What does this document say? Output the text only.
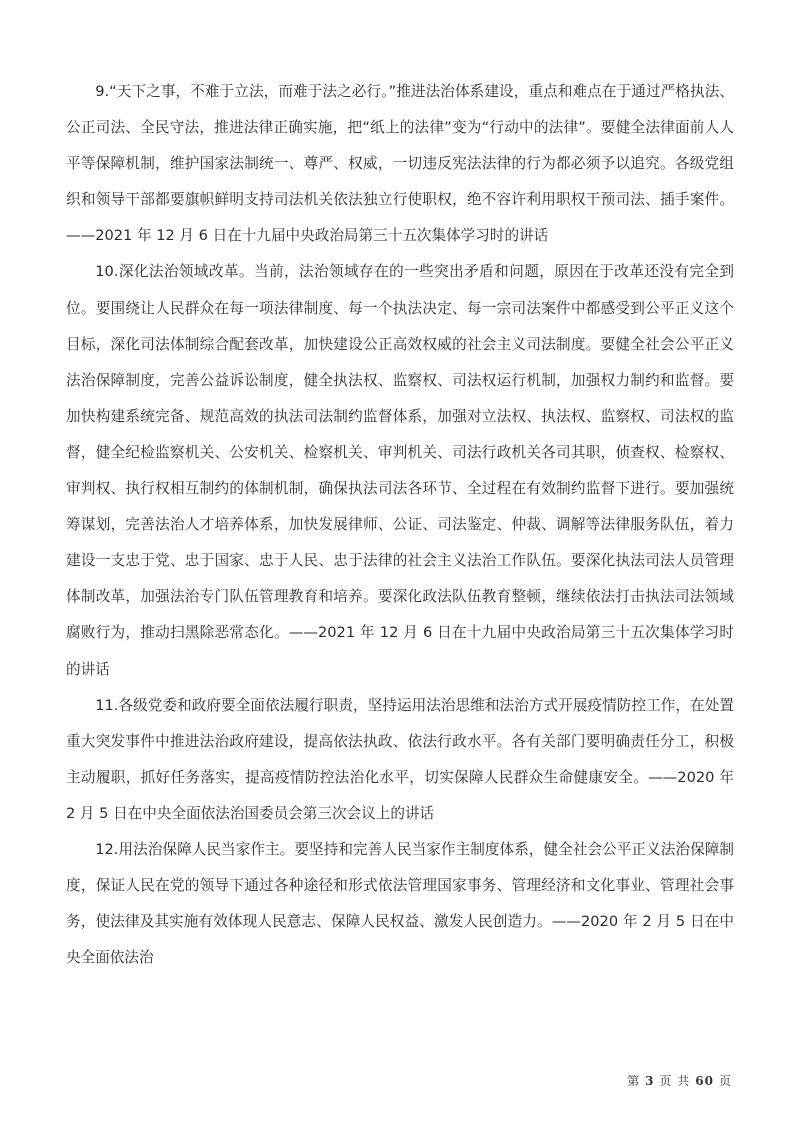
9.“天下之事，不难于立法，而难于法之必行。”推进法治体系建设，重点和难点在于通过严格执法、公正司法、全民守法，推进法律正确实施，把“纸上的法律”变为“行动中的法律”。要健全法律面前人人平等保障机制，维护国家法制统一、尊严、权威，一切违反宪法法律的行为都必须予以追究。各级党组织和领导干部都要旗帜鲜明支持司法机关依法独立行使职权，绝不容许利用职权干预司法、插手案件。——2021 年 12 月 6 日在十九届中央政治局第三十五次集体学习时的讲话

10.深化法治领域改革。当前，法治领域存在的一些突出矛盾和问题，原因在于改革还没有完全到位。要围绕让人民群众在每一项法律制度、每一个执法决定、每一宗司法案件中都感受到公平正义这个目标，深化司法体制综合配套改革，加快建设公正高效权威的社会主义司法制度。要健全社会公平正义法治保障制度，完善公益诉讼制度，健全执法权、监察权、司法权运行机制，加强权力制约和监督。要加快构建系统完备、规范高效的执法司法制约监督体系，加强对立法权、执法权、监察权、司法权的监督，健全纪检监察机关、公安机关、检察机关、审判机关、司法行政机关各司其职，侦查权、检察权、审判权、执行权相互制约的体制机制，确保执法司法各环节、全过程在有效制约监督下进行。要加强统筹谋划，完善法治人才培养体系，加快发展律师、公证、司法鉴定、仲裁、调解等法律服务队伍，着力建设一支忠于党、忠于国家、忠于人民、忠于法律的社会主义法治工作队伍。要深化执法司法人员管理体制改革，加强法治专门队伍管理教育和培养。要深化政法队伍教育整顿，继续依法打击执法司法领域腐败行为，推动扫黑除恶常态化。——2021 年 12 月 6 日在十九届中央政治局第三十五次集体学习时的讲话

11.各级党委和政府要全面依法履行职责，坚持运用法治思维和法治方式开展疫情防控工作，在处置重大突发事件中推进法治政府建设，提高依法执政、依法行政水平。各有关部门要明确责任分工，积极主动履职，抓好任务落实，提高疫情防控法治化水平，切实保障人民群众生命健康安全。——2020 年 2 月 5 日在中央全面依法治国委员会第三次会议上的讲话

12.用法治保障人民当家作主。要坚持和完善人民当家作主制度体系，健全社会公平正义法治保障制度，保证人民在党的领导下通过各种途径和形式依法管理国家事务、管理经济和文化事业、管理社会事务，使法律及其实施有效体现人民意志、保障人民权益、激发人民创造力。——2020 年 2 月 5 日在中央全面依法治

第 3 页 共 60 页
